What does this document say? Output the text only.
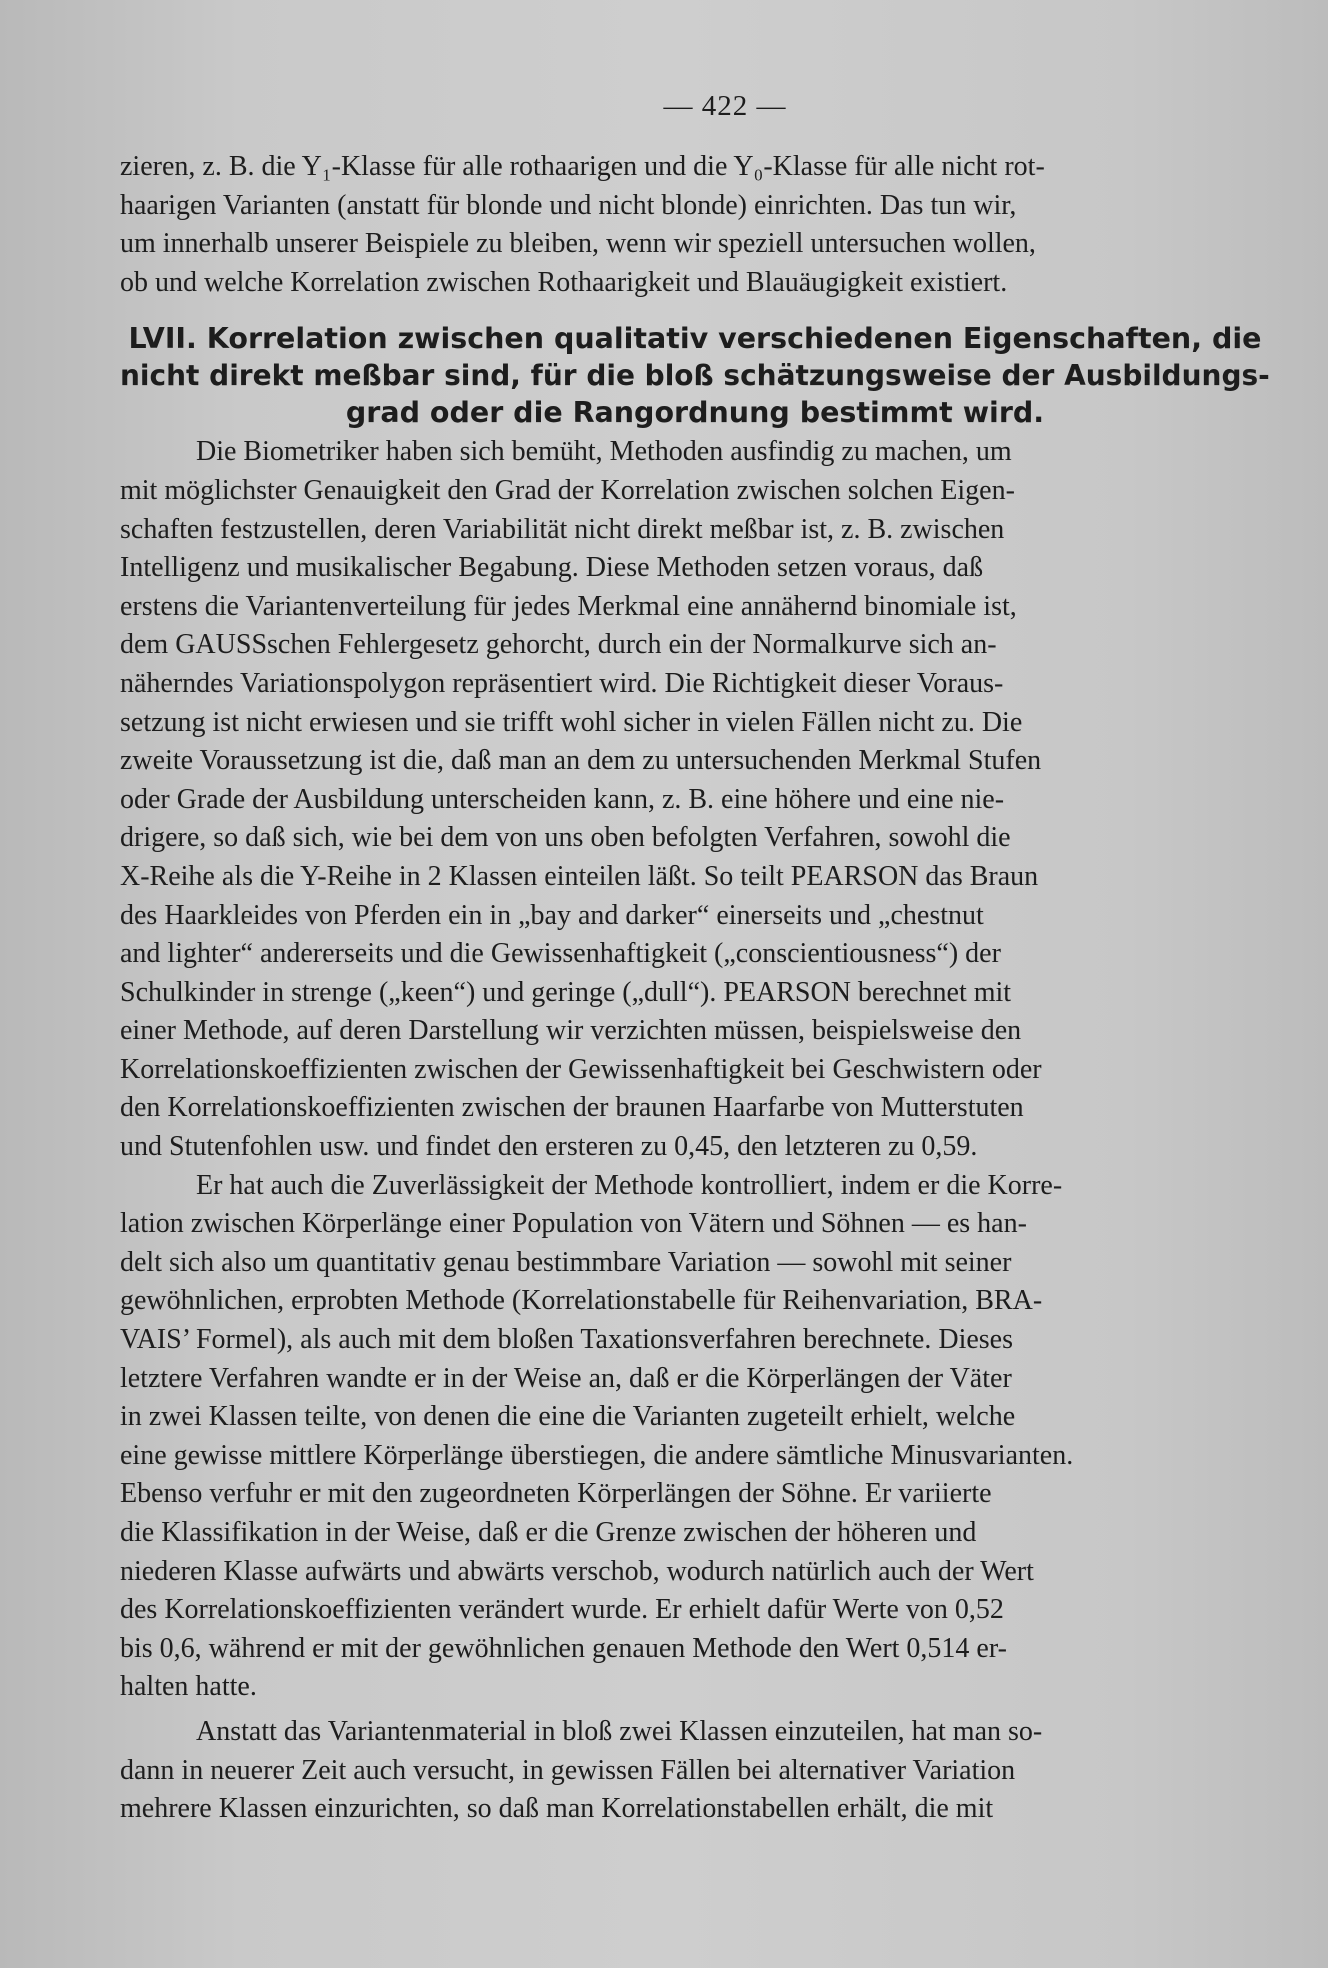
— 422 —
zieren, z. B. die Y₁-Klasse für alle rothaarigen und die Y₀-Klasse für alle nicht rot-
haarigen Varianten (anstatt für blonde und nicht blonde) einrichten. Das tun wir,
um innerhalb unserer Beispiele zu bleiben, wenn wir speziell untersuchen wollen,
ob und welche Korrelation zwischen Rothaarigkeit und Blauäugigkeit existiert.
LVII. Korrelation zwischen qualitativ verschiedenen Eigenschaften, die
nicht direkt meßbar sind, für die bloß schätzungsweise der Ausbildungs-
grad oder die Rangordnung bestimmt wird.
Die Biometriker haben sich bemüht, Methoden ausfindig zu machen, um
mit möglichster Genauigkeit den Grad der Korrelation zwischen solchen Eigen-
schaften festzustellen, deren Variabilität nicht direkt meßbar ist, z. B. zwischen
Intelligenz und musikalischer Begabung. Diese Methoden setzen voraus, daß
erstens die Variantenverteilung für jedes Merkmal eine annähernd binomiale ist,
dem GAUSSschen Fehlergesetz gehorcht, durch ein der Normalkurve sich an-
näherndes Variationspolygon repräsentiert wird. Die Richtigkeit dieser Voraus-
setzung ist nicht erwiesen und sie trifft wohl sicher in vielen Fällen nicht zu. Die
zweite Voraussetzung ist die, daß man an dem zu untersuchenden Merkmal Stufen
oder Grade der Ausbildung unterscheiden kann, z. B. eine höhere und eine nie-
drigere, so daß sich, wie bei dem von uns oben befolgten Verfahren, sowohl die
X-Reihe als die Y-Reihe in 2 Klassen einteilen läßt. So teilt PEARSON das Braun
des Haarkleides von Pferden ein in „bay and darker“ einerseits und „chestnut
and lighter“ andererseits und die Gewissenhaftigkeit („conscientiousness“) der
Schulkinder in strenge („keen“) und geringe („dull“). PEARSON berechnet mit
einer Methode, auf deren Darstellung wir verzichten müssen, beispielsweise den
Korrelationskoeffizienten zwischen der Gewissenhaftigkeit bei Geschwistern oder
den Korrelationskoeffizienten zwischen der braunen Haarfarbe von Mutterstuten
und Stutenfohlen usw. und findet den ersteren zu 0,45, den letzteren zu 0,59.
Er hat auch die Zuverlässigkeit der Methode kontrolliert, indem er die Korre-
lation zwischen Körperlänge einer Population von Vätern und Söhnen — es han-
delt sich also um quantitativ genau bestimmbare Variation — sowohl mit seiner
gewöhnlichen, erprobten Methode (Korrelationstabelle für Reihenvariation, BRA-
VAIS’ Formel), als auch mit dem bloßen Taxationsverfahren berechnete. Dieses
letztere Verfahren wandte er in der Weise an, daß er die Körperlängen der Väter
in zwei Klassen teilte, von denen die eine die Varianten zugeteilt erhielt, welche
eine gewisse mittlere Körperlänge überstiegen, die andere sämtliche Minusvarianten.
Ebenso verfuhr er mit den zugeordneten Körperlängen der Söhne. Er variierte
die Klassifikation in der Weise, daß er die Grenze zwischen der höheren und
niederen Klasse aufwärts und abwärts verschob, wodurch natürlich auch der Wert
des Korrelationskoeffizienten verändert wurde. Er erhielt dafür Werte von 0,52
bis 0,6, während er mit der gewöhnlichen genauen Methode den Wert 0,514 er-
halten hatte.
Anstatt das Variantenmaterial in bloß zwei Klassen einzuteilen, hat man so-
dann in neuerer Zeit auch versucht, in gewissen Fällen bei alternativer Variation
mehrere Klassen einzurichten, so daß man Korrelationstabellen erhält, die mit
